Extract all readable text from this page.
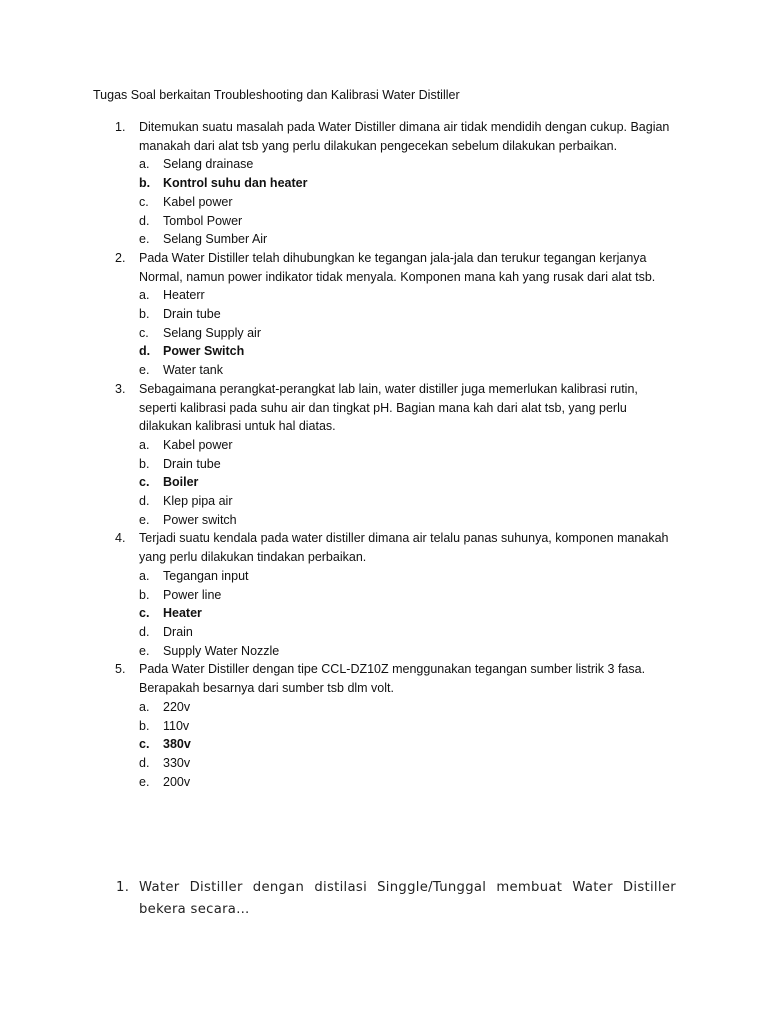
Tugas Soal berkaitan Troubleshooting dan Kalibrasi Water Distiller
1. Ditemukan suatu masalah pada Water Distiller dimana air tidak mendidih dengan cukup. Bagian manakah dari alat tsb yang perlu dilakukan pengecekan sebelum dilakukan perbaikan.
a. Selang drainase
b. Kontrol suhu dan heater
c. Kabel power
d. Tombol Power
e. Selang Sumber Air
2. Pada Water Distiller telah dihubungkan ke tegangan jala-jala dan terukur tegangan kerjanya Normal, namun power indikator tidak menyala. Komponen mana kah yang rusak dari alat tsb.
a. Heaterr
b. Drain tube
c. Selang Supply air
d. Power Switch
e. Water tank
3. Sebagaimana perangkat-perangkat lab lain, water distiller juga memerlukan kalibrasi rutin, seperti kalibrasi pada suhu air dan tingkat pH. Bagian mana kah dari alat tsb, yang perlu dilakukan kalibrasi untuk hal diatas.
a. Kabel power
b. Drain tube
c. Boiler
d. Klep pipa air
e. Power switch
4. Terjadi suatu kendala pada water distiller dimana air telalu panas suhunya, komponen manakah yang perlu dilakukan tindakan perbaikan.
a. Tegangan input
b. Power line
c. Heater
d. Drain
e. Supply Water Nozzle
5. Pada Water Distiller dengan tipe CCL-DZ10Z menggunakan tegangan sumber listrik 3 fasa. Berapakah besarnya dari sumber tsb dlm volt.
a. 220v
b. 110v
c. 380v
d. 330v
e. 200v
1. Water Distiller dengan distilasi Singgle/Tunggal membuat Water Distiller bekera secara…
